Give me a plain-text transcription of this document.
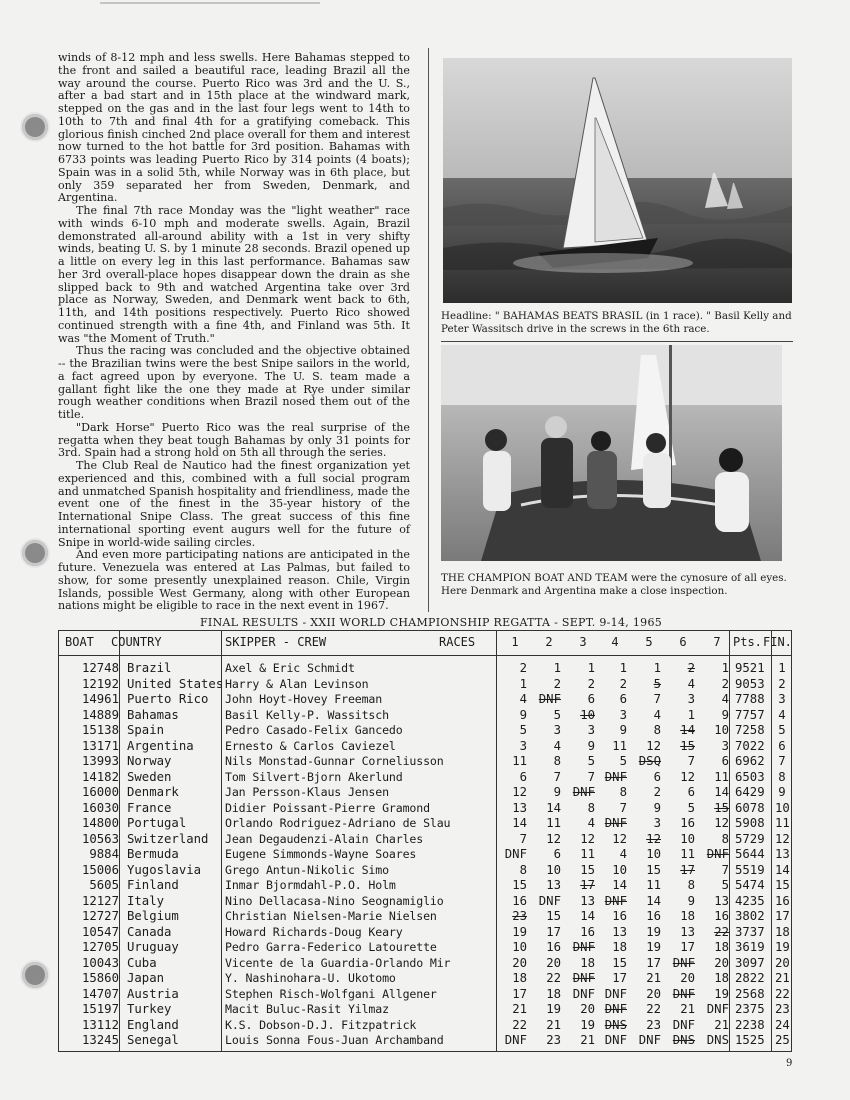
winds of 8-12 mph and less swells. Here Bahamas stepped to the front and sailed a beautiful race, leading Brazil all the way around the course. Puerto Rico was 3rd and the U. S., after a bad start and in 15th place at the windward mark, stepped on the gas and in the last four legs went to 14th to 10th to 7th and final 4th for a gratifying comeback. This glorious finish cinched 2nd place overall for them and interest now turned to the hot battle for 3rd position. Bahamas with 6733 points was leading Puerto Rico by 314 points (4 boats); Spain was in a solid 5th, while Norway was in 6th place, but only 359 separated her from Sweden, Denmark, and Argentina.

The final 7th race Monday was the "light weather" race with winds 6-10 mph and moderate swells. Again, Brazil demonstrated all-around ability with a 1st in very shifty winds, beating U. S. by 1 minute 28 seconds. Brazil opened up a little on every leg in this last performance. Bahamas saw her 3rd overall-place hopes disappear down the drain as she slipped back to 9th and watched Argentina take over 3rd place as Norway, Sweden, and Denmark went back to 6th, 11th, and 14th positions respectively. Puerto Rico showed continued strength with a fine 4th, and Finland was 5th. It was "the Moment of Truth."

Thus the racing was concluded and the objective obtained -- the Brazilian twins were the best Snipe sailors in the world, a fact agreed upon by everyone. The U. S. team made a gallant fight like the one they made at Rye under similar rough weather conditions when Brazil nosed them out of the title.

"Dark Horse" Puerto Rico was the real surprise of the regatta when they beat tough Bahamas by only 31 points for 3rd. Spain had a strong hold on 5th all through the series.

The Club Real de Nautico had the finest organization yet experienced and this, combined with a full social program and unmatched Spanish hospitality and friendliness, made the event one of the finest in the 35-year history of the International Snipe Class. The great success of this fine international sporting event augurs well for the future of Snipe in world-wide sailing circles.

And even more participating nations are anticipated in the future. Venezuela was entered at Las Palmas, but failed to show, for some presently unexplained reason. Chile, Virgin Islands, possible West Germany, along with other European nations might be eligible to race in the next event in 1967.

Headline: " BAHAMAS BEATS BRASIL (in 1 race). " Basil Kelly and Peter Wassitsch drive in the screws in the 6th race.
THE CHAMPION BOAT AND TEAM were the cynosure of all eyes. Here Denmark and Argentina make a close inspection.
FINAL RESULTS - XXII WORLD CHAMPIONSHIP REGATTA - SEPT. 9-14, 1965
BOAT COUNTRY	SKIPPER - CREW	RACES	1	2	3	4	5	6	7	Pts. FIN.
12748 Brazil	Axel & Eric Schmidt	2	1	1	1	1	2	1 9521 1
12192 United States Harry & Alan Levinson	1	2	2	2	5	4	2 9053 2
14961 Puerto Rico John Hoyt-Hovey Freeman	4 DNF	6	6	7	3	4 7788 3
14889 Bahamas	Basil Kelly-P. Wassitsch	9	5	10	3	4	1	9 7757 4
15138 Spain	Pedro Casado-Felix Gancedo	5	3	3	9	8	14	10 7258 5
13171 Argentina	Ernesto & Carlos Caviezel	3	4	9	11	12	15	3 7022 6
13993 Norway	Nils Monstad-Gunnar Corneliusson	11	8	5	5 DSQ	7	6 6962 7
14182 Sweden	Tom Silvert-Bjorn Akerlund	6	7	7 DNF	6	12	11 6503 8
16000 Denmark	Jan Persson-Klaus Jensen	12	9 DNF	8	2	6	14 6429 9
16030 France	Didier Poissant-Pierre Gramond	13	14	8	7	9	5	15 6078 10
14800 Portugal	Orlando Rodriguez-Adriano de Slau	14	11	4 DNF	3	16	12 5908 11
10563 Switzerland Jean Degaudenzi-Alain Charles	7	12	12	12	12	10	8 5729 12
9884 Bermuda	Eugene Simmonds-Wayne Soares	DNF	6	11	4	10	11 DNF 5644 13
15006 Yugoslavia Grego Antun-Nikolic Simo	8	10	15	10	15	17	7 5519 14
5605 Finland	Inmar Bjormdahl-P.O. Holm	15	13	17	14	11	8	5 5474 15
12127 Italy	Nino Dellacasa-Nino Seognamiglio	16 DNF	13 DNF	14	9	13 4235 16
12727 Belgium	Christian Nielsen-Marie Nielsen	23	15	14	16	16	18	16 3802 17
10547 Canada	Howard Richards-Doug Keary	19	17	16	13	19	13	22 3737 18
12705 Uruguay	Pedro Garra-Federico Latourette	10	16 DNF	18	19	17	18 3619 19
10043 Cuba	Vicente de la Guardia-Orlando Mir	20	20	18	15	17 DNF	20 3097 20
15860 Japan	Y. Nashinohara-U. Ukotomo	18	22 DNF	17	21	20	18 2822 21
14707 Austria	Stephen Risch-Wolfgani Allgener	17	18 DNF DNF	20 DNF	19 2568 22
15197 Turkey	Macit Buluc-Rasit Yilmaz	21	19	20 DNF	22	21 DNF 2375 23
13112 England	K.S. Dobson-D.J. Fitzpatrick	22	21	19 DNS	23 DNF	21 2238 24
13245 Senegal	Louis Sonna Fous-Juan Archamband	DNF	23	21 DNF DNF DNS DNS 1525 25
9
